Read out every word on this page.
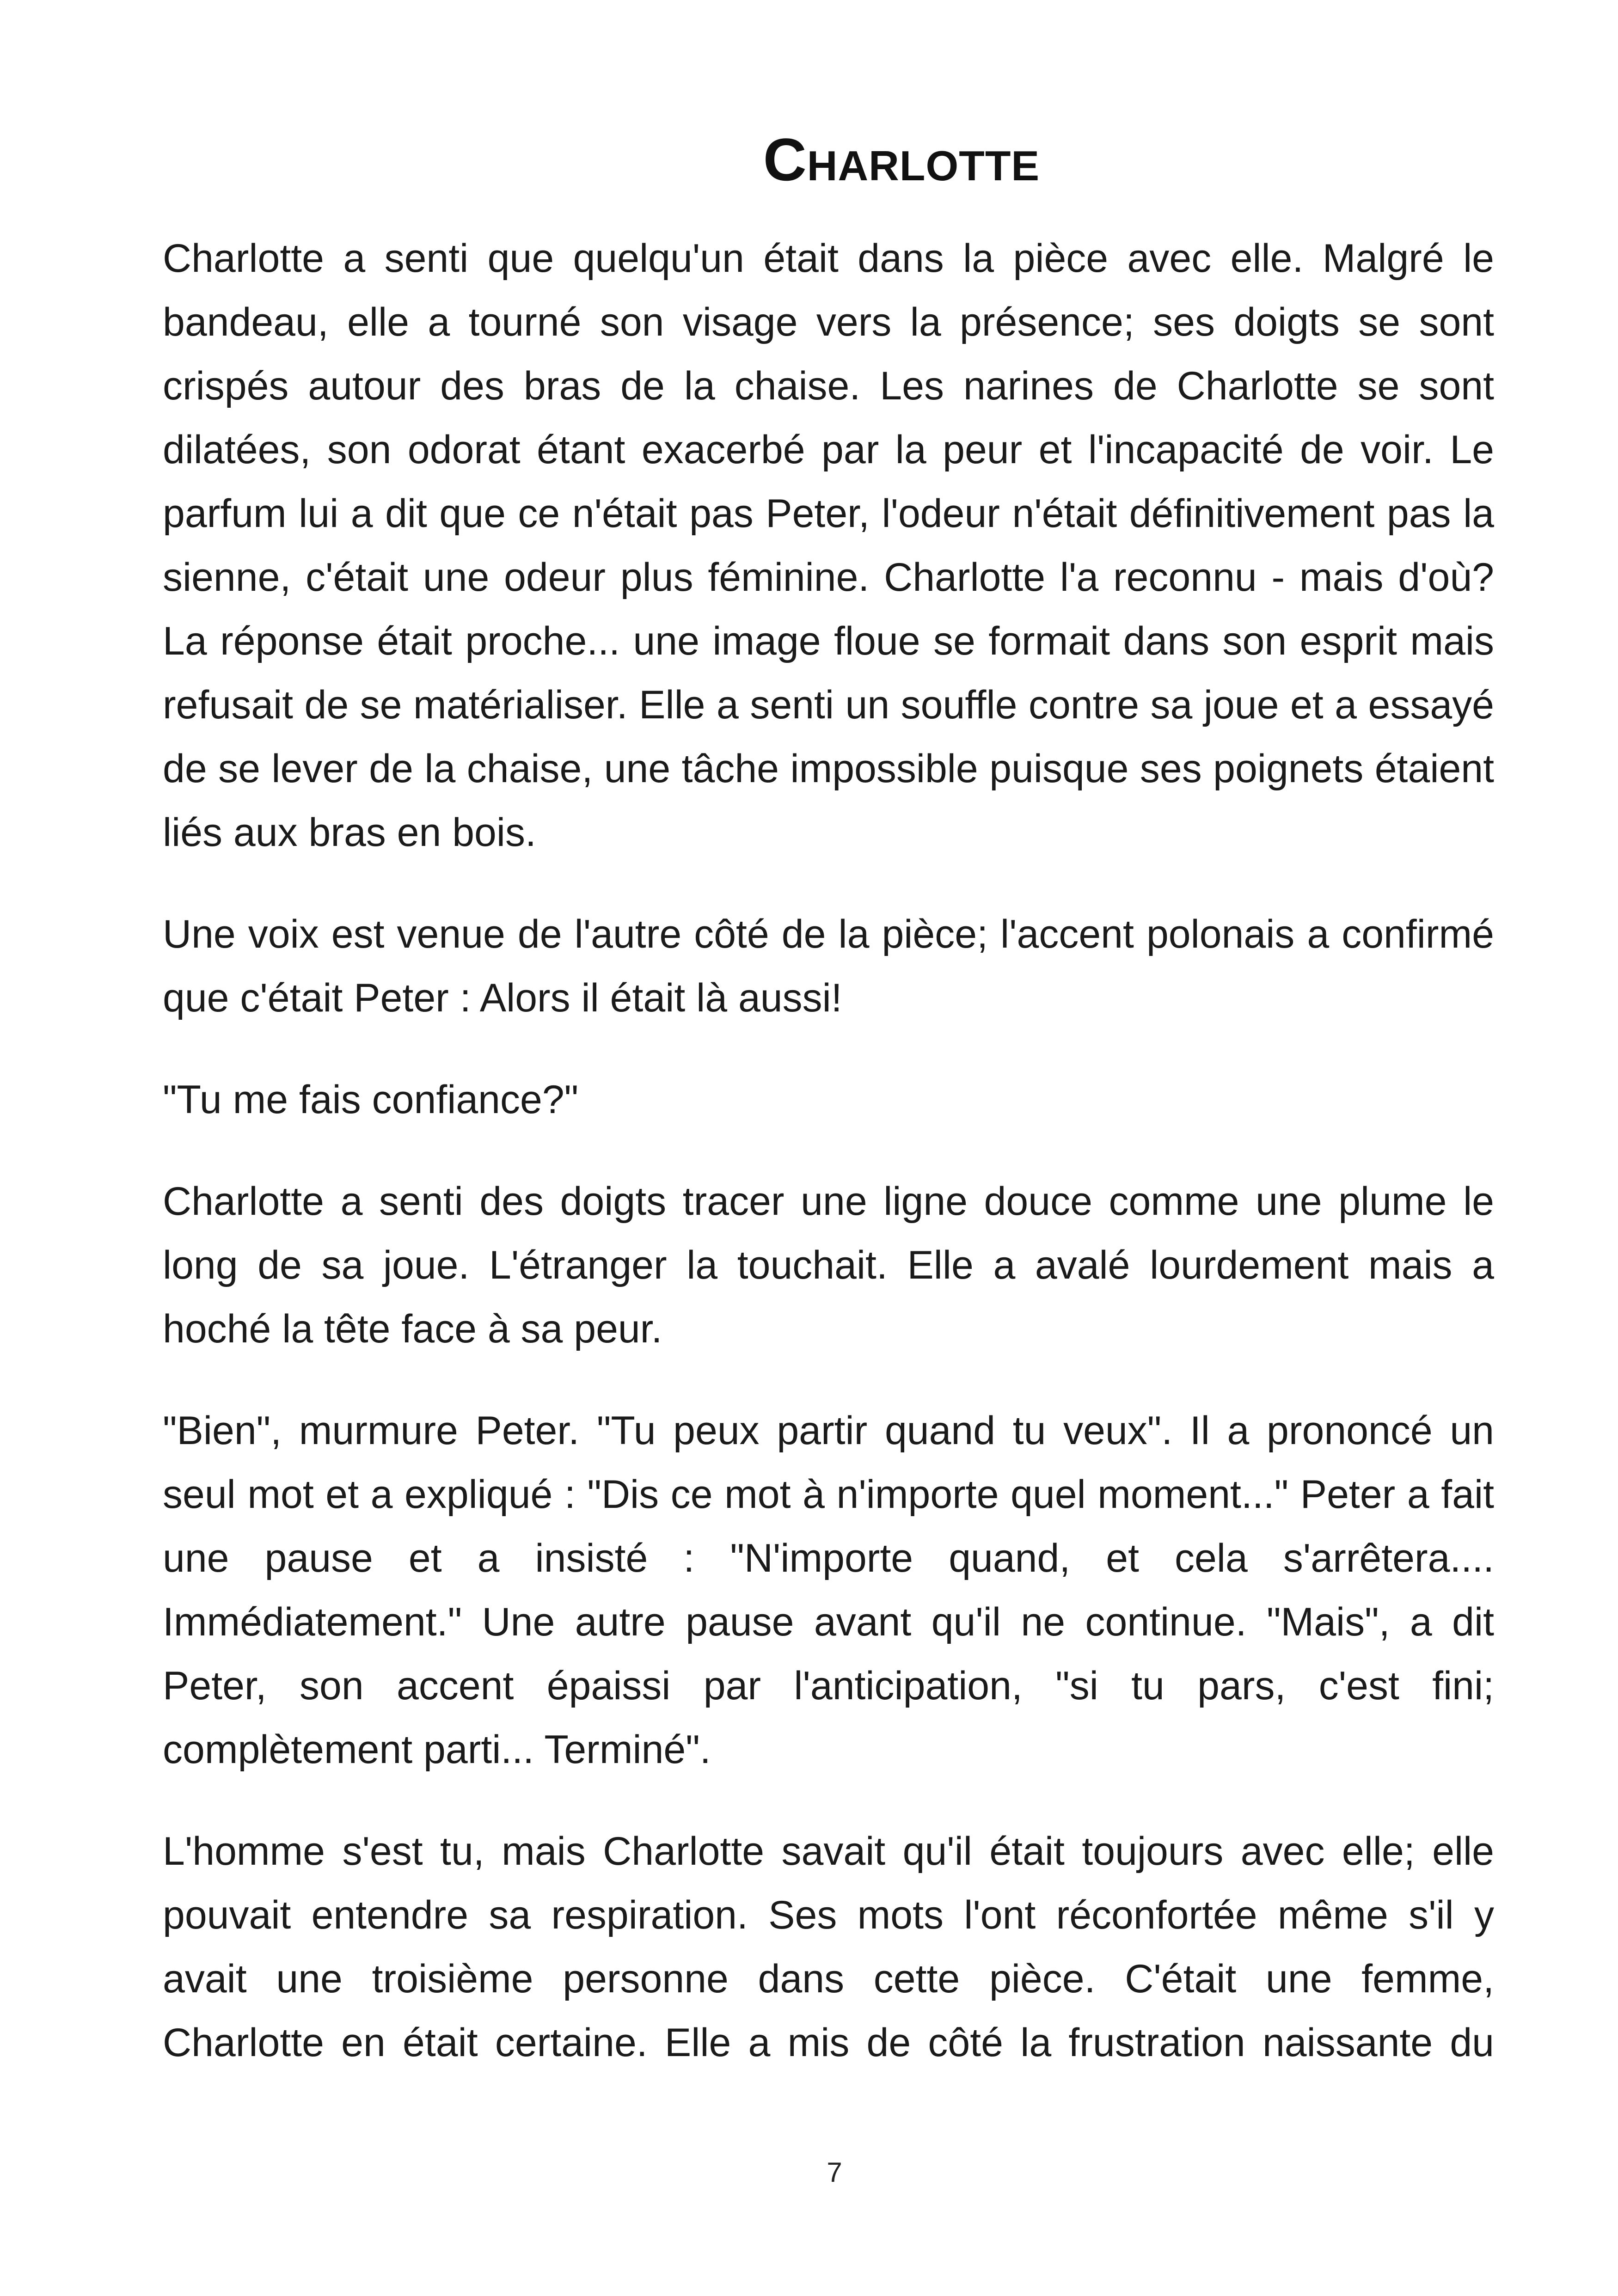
Charlotte

Charlotte a senti que quelqu'un était dans la pièce avec elle. Malgré le bandeau, elle a tourné son visage vers la présence; ses doigts se sont crispés autour des bras de la chaise. Les narines de Charlotte se sont dilatées, son odorat étant exacerbé par la peur et l'incapacité de voir. Le parfum lui a dit que ce n'était pas Peter, l'odeur n'était définitivement pas la sienne, c'était une odeur plus féminine. Charlotte l'a reconnu - mais d'où? La réponse était proche... une image floue se formait dans son esprit mais refusait de se matérialiser. Elle a senti un souffle contre sa joue et a essayé de se lever de la chaise, une tâche impossible puisque ses poignets étaient liés aux bras en bois.

Une voix est venue de l'autre côté de la pièce; l'accent polonais a confirmé que c'était Peter : Alors il était là aussi!

"Tu me fais confiance?"

Charlotte a senti des doigts tracer une ligne douce comme une plume le long de sa joue. L'étranger la touchait. Elle a avalé lourdement mais a hoché la tête face à sa peur.

"Bien", murmure Peter. "Tu peux partir quand tu veux". Il a prononcé un seul mot et a expliqué : "Dis ce mot à n'importe quel moment..." Peter a fait une pause et a insisté : "N'importe quand, et cela s'arrêtera.... Immédiatement." Une autre pause avant qu'il ne continue. "Mais", a dit Peter, son accent épaissi par l'anticipation, "si tu pars, c'est fini; complètement parti... Terminé".

L'homme s'est tu, mais Charlotte savait qu'il était toujours avec elle; elle pouvait entendre sa respiration. Ses mots l'ont réconfortée même s'il y avait une troisième personne dans cette pièce. C'était une femme, Charlotte en était certaine. Elle a mis de côté la frustration naissante du

7
